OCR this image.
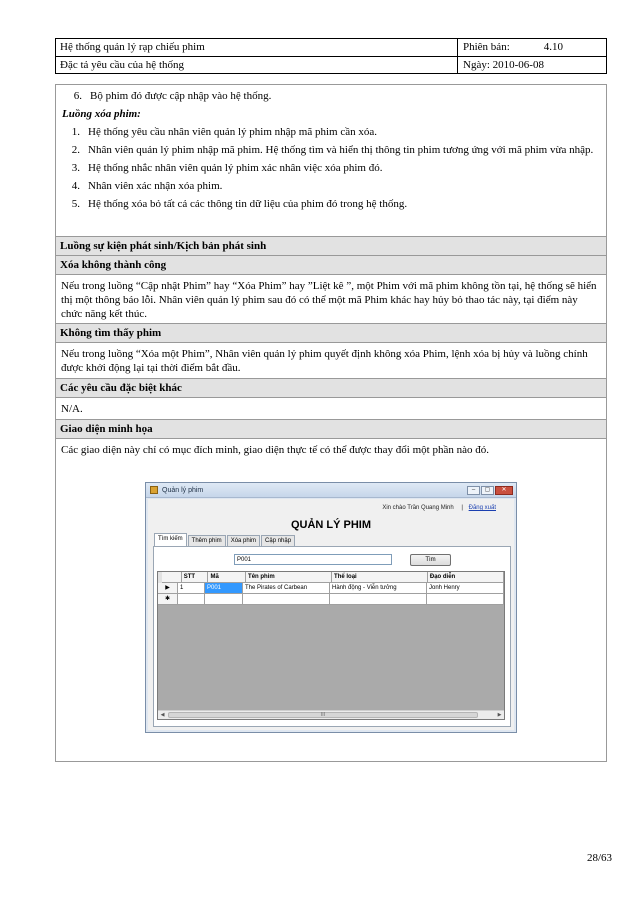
Hệ thống quản lý rạp chiếu phim	Phiên bản:	4.10
Đặc tả yêu cầu của hệ thống	Ngày: 2010-06-08
6. Bộ phim đó được cập nhập vào hệ thống.
Luồng xóa phim:
1. Hệ thống yêu cầu nhân viên quản lý phim nhập mã phim cần xóa.
2. Nhân viên quản lý phim nhập mã phim. Hệ thống tìm và hiển thị thông tin phim tương ứng với mã phim vừa nhập.
3. Hệ thống nhắc nhân viên quản lý phim xác nhân việc xóa phim đó.
4. Nhân viên xác nhận xóa phim.
5. Hệ thống xóa bỏ tất cả các thông tin dữ liệu của phim đó trong hệ thống.
Luồng sự kiện phát sinh/Kịch bản phát sinh
Xóa không thành công
Nếu trong luồng “Cập nhật Phim” hay “Xóa Phim” hay ”Liệt kê ”, một Phim với mã phim không tồn tại, hệ thống sẽ hiển thị một thông báo lỗi. Nhân viên quản lý phim sau đó có thể một mã Phim khác hay hủy bỏ thao tác này, tại điểm này chức năng kết thúc.
Không tìm thấy phim
Nếu trong luồng “Xóa một Phim”, Nhân viên quản lý phim quyết định không xóa Phim, lệnh xóa bị hủy và luồng chính được khởi động lại tại thời điểm bắt đầu.
Các yêu cầu đặc biệt khác
N/A.
Giao diện minh họa
Các giao diện này chỉ có mục đích minh, giao diện thực tế có thể được thay đổi một phần nào đó.
Quản lý phim	–	▢	✕
Xin chào Trần Quang Minh | Đăng xuất
QUẢN LÝ PHIM
Tìm kiếm	Thêm phim	Xóa phim	Cập nhập
P001	Tìm
STT	Mã	Tên phim	Thể loại	Đạo diễn
▶	1	P001	The Pirates of Carbean	Hành động - Viễn tưởng	Jonh Henry
✱
◀	III	▶
28/63
